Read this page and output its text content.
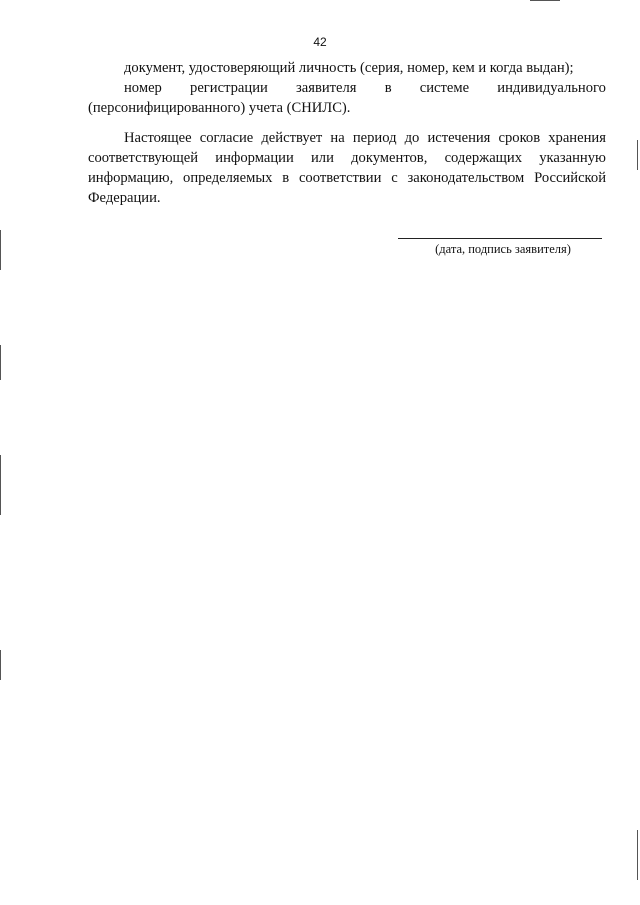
42
документ, удостоверяющий личность (серия, номер, кем и когда выдан);
номер регистрации заявителя в системе индивидуального
(персонифицированного) учета (СНИЛС).
Настоящее согласие действует на период до истечения сроков хранения
соответствующей информации или документов, содержащих указанную
информацию, определяемых в соответствии с законодательством Российской
Федерации.
(дата, подпись заявителя)
